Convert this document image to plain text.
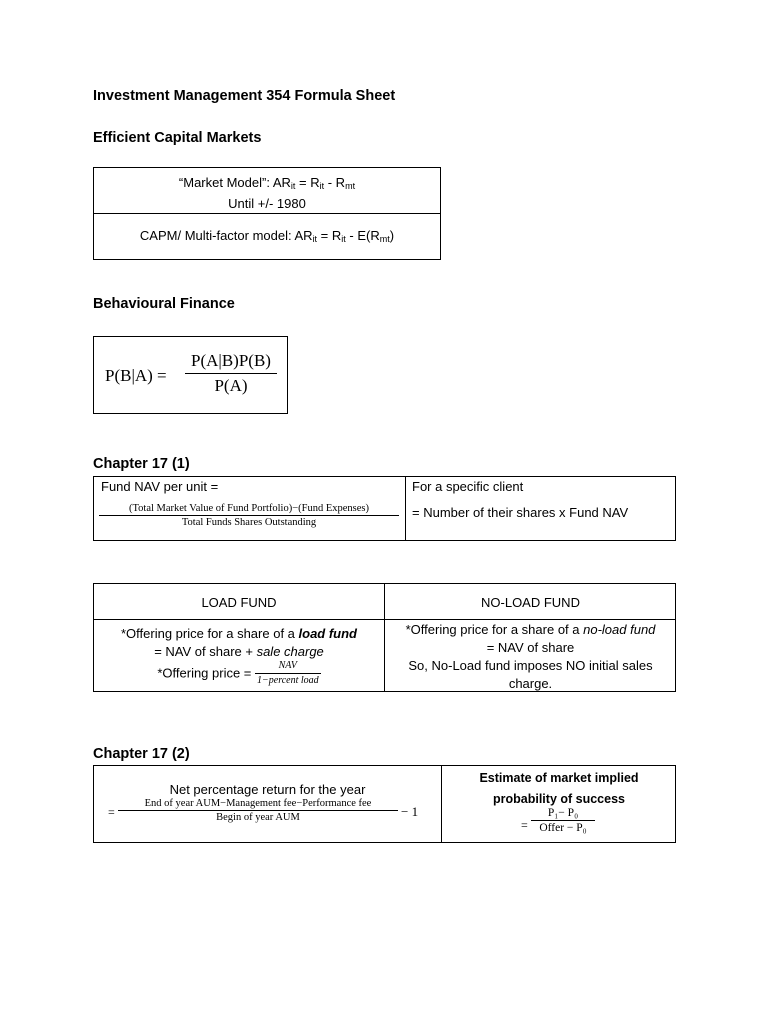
Investment Management 354 Formula Sheet
Efficient Capital Markets
“Market Model”: $AR_{it} = R_{it} - R_{mt}$
Until +/- 1980
CAPM/ Multi-factor model: $AR_{it} = R_{it} - E(R_{mt})$
Behavioural Finance
$P(B|A) = \frac{P(A|B)P(B)}{P(A)}$
Chapter 17 (1)
Fund NAV per unit =
(Total Market Value of Fund Portfolio)−(Fund Expenses)
Total Funds Shares Outstanding
For a specific client
= Number of their shares x Fund NAV
LOAD FUND	NO-LOAD FUND
*Offering price for a share of a load fund
= NAV of share + sale charge
*Offering price = $\frac{\text{NAV}}{\text{1−percent load}}$
*Offering price for a share of a no-load fund
= NAV of share
So, No-Load fund imposes NO initial sales
charge.
Chapter 17 (2)
Net percentage return for the year
=
End of year AUM−Management fee−Performance fee
Begin of year AUM	− 1
Estimate of market implied
probability of success
=
P₁− P₀
Offer − P₀
